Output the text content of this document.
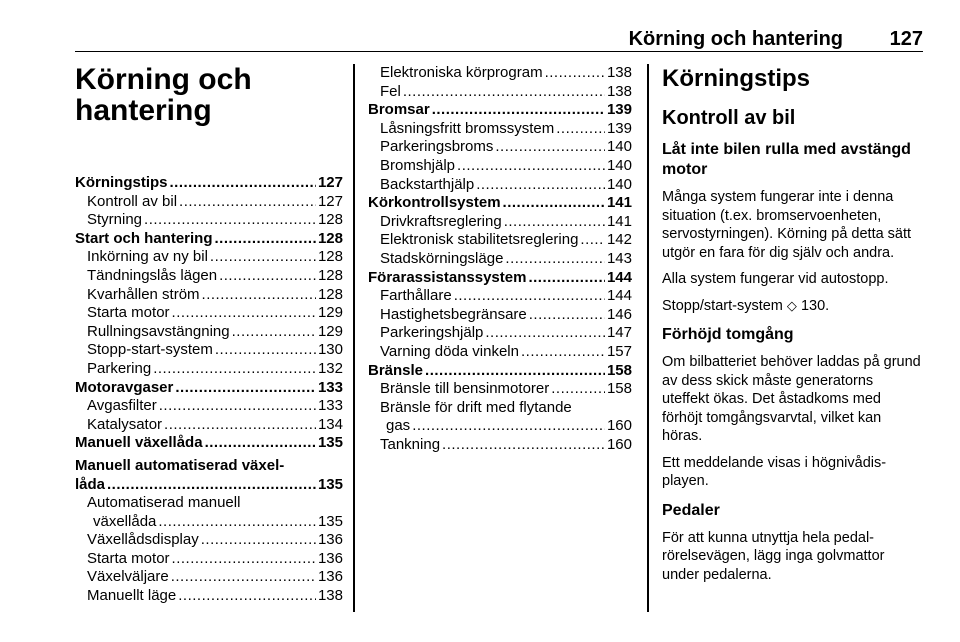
Körning och hantering 127
Körning och hantering
Körningstips .....	127
Kontroll av bil .....	127
Styrning .....	128
Start och hantering .....	128
Inkörning av ny bil .....	128
Tändningslås lägen .....	128
Kvarhållen ström .....	128
Starta motor .....	129
Rullningsavstängning .....	129
Stopp-start-system .....	130
Parkering .....	132
Motoravgaser .....	133
Avgasfilter .....	133
Katalysator .....	134
Manuell växellåda .....	135
Manuell automatiserad växel-
låda .....	135
Automatiserad manuell
växellåda .....	135
Växellådsdisplay .....	136
Starta motor .....	136
Växelväljare .....	136
Manuellt läge .....	138
Elektroniska körprogram .....	138
Fel .....	138
Bromsar .....	139
Låsningsfritt bromssystem .....	139
Parkeringsbroms .....	140
Bromshjälp .....	140
Backstarthjälp .....	140
Körkontrollsystem .....	141
Drivkraftsreglering .....	141
Elektronisk stabilitetsreglering ..... 142
Stadskörningsläge .....	143
Förarassistanssystem .....	144
Farthållare .....	144
Hastighetsbegränsare .....	146
Parkeringshjälp .....	147
Varning döda vinkeln .....	157
Bränsle .....	158
Bränsle till bensinmotorer .....	158
Bränsle för drift med flytande
gas .....	160
Tankning .....	160
Körningstips
Kontroll av bil
Låt inte bilen rulla med avstängd motor
Många system fungerar inte i denna situation (t.ex. bromservoenheten, servostyrningen). Körning på detta sätt utgör en fara för dig själv och andra.
Alla system fungerar vid autostopp.
Stopp/start-system ◇ 130.
Förhöjd tomgång
Om bilbatteriet behöver laddas på grund av dess skick måste generatorns uteffekt ökas. Det åstadkoms med förhöjt tomgångsvarvtal, vilket kan höras.
Ett meddelande visas i högnivådisplayen.
Pedaler
För att kunna utnyttja hela pedalrörelsevägen, lägg inga golvmattor under pedalerna.
